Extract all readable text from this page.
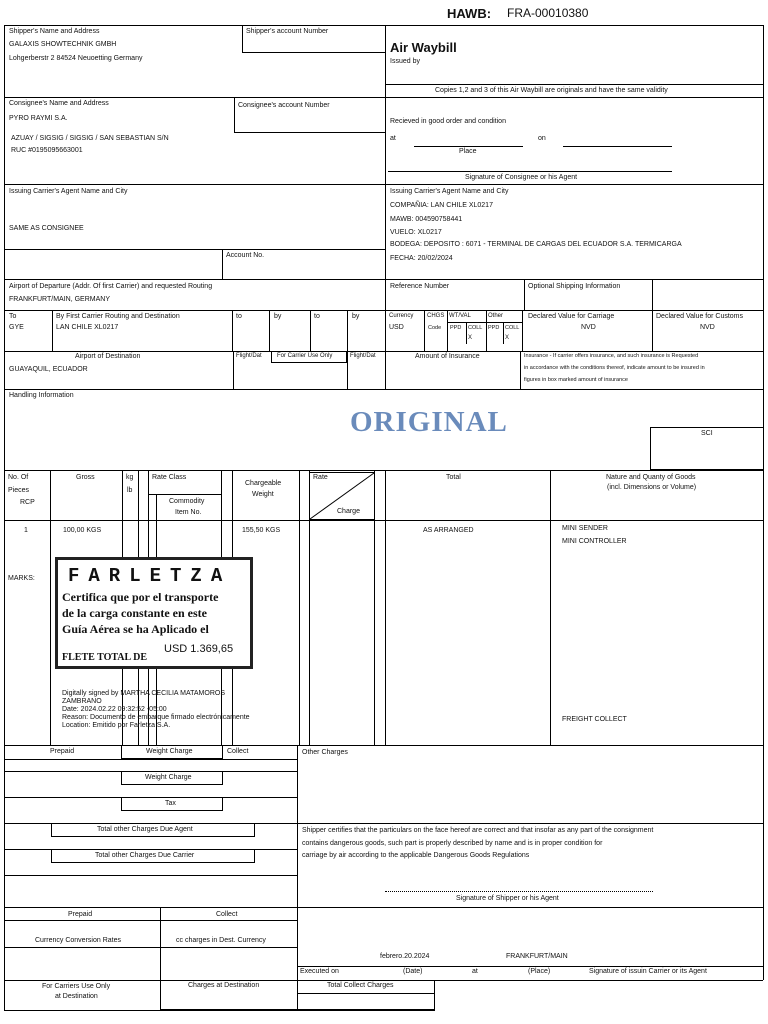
HAWB: FRA-00010380
Shipper's Name and Address
GALAXIS SHOWTECHNIK GMBH
Lohgerberstr 2 84524 Neuoetting Germany
Shipper's account Number
Air Waybill
Issued by
Copies 1,2 and 3 of this Air Waybill are originals and have the same validity
Consignee's Name and Address
PYRO RAYMI S.A.
AZUAY / SIGSIG / SIGSIG / SAN SEBASTIAN S/N
RUC #0195095663001
Consignee's account Number
Recieved in good order and condition
at	on
Place
Signature of Consignee or his Agent
Issuing Carrier's Agent Name and City
SAME AS CONSIGNEE
Account No.
Issuing Carrier's Agent Name and City
COMPAÑIA: LAN CHILE XL0217
MAWB: 004590758441
VUELO: XL0217
BODEGA: DEPOSITO : 6071 - TERMINAL DE CARGAS DEL ECUADOR S.A. TERMICARGA
FECHA: 20/02/2024
Airport of Departure (Addr. Of first Carrier) and requested Routing
FRANKFURT/MAIN, GERMANY
Reference Number	Optional Shipping Information
To
GYE
By First Carrier Routing and Destination
LAN CHILE XL0217
to	by	to	by	Currency
USD
CHGS
Code
WT/VAL	Other
PPD COLL PPD COLL
X	X
Declared Value for Carriage
NVD
Declared Value for Customs
NVD
Airport of Destination
GUAYAQUIL, ECUADOR
Flight/Dat	For Carrier Use Only	Flight/Dat	Amount of Insurance	Insurance - If carrier offers insurance, and such insurance is Requested
in accordance with the conditions thereof, indicate amount to be insured in
figures in box marked amount of insurance
Handling Information
ORIGINAL	SCI
No. Of
Pieces
RCP
Gross	kg
lb
Rate Class
Commodity
Item No.
Chargeable
Weight
Rate
Charge
Total	Nature and Quanty of Goods
(incl. Dimensions or Volume)
1	100,00 KGS	155,50 KGS	AS ARRANGED	MINI SENDER
MINI CONTROLLER
MARKS:
FREIGHT COLLECT
FARLETZA
Certifica que por el transporte
de la carga constante en este
Guía Aérea se ha Aplicado el
FLETE TOTAL DE
USD 1.369,65
Digitally signed by MARTHA CECILIA MATAMOROS
ZAMBRANO
Date: 2024.02.22 09:32:52 -05:00
Reason: Documento de embarque firmado electrónicamente
Location: Emitido por Farletza S.A.
Prepaid	Weight Charge	Collect	Other Charges
Weight Charge
Tax
Total other Charges Due Agent
Total other Charges Due Carrier
Shipper certifies that the particulars on the face hereof are correct and that insofar as any part of the consignment
contains dangerous goods, such part is properly described by name and is in proper condition for
carriage by air according to the applicable Dangerous Goods Regulations
Signature of Shipper or his Agent
Prepaid	Collect
Currency Conversion Rates	cc charges in Dest. Currency
febrero.20.2024	FRANKFURT/MAIN
Executed on	(Date)	at	(Place)	Signature of issuin Carrier or its Agent
For Carriers Use Only
at Destination
Charges at Destination	Total Collect Charges
